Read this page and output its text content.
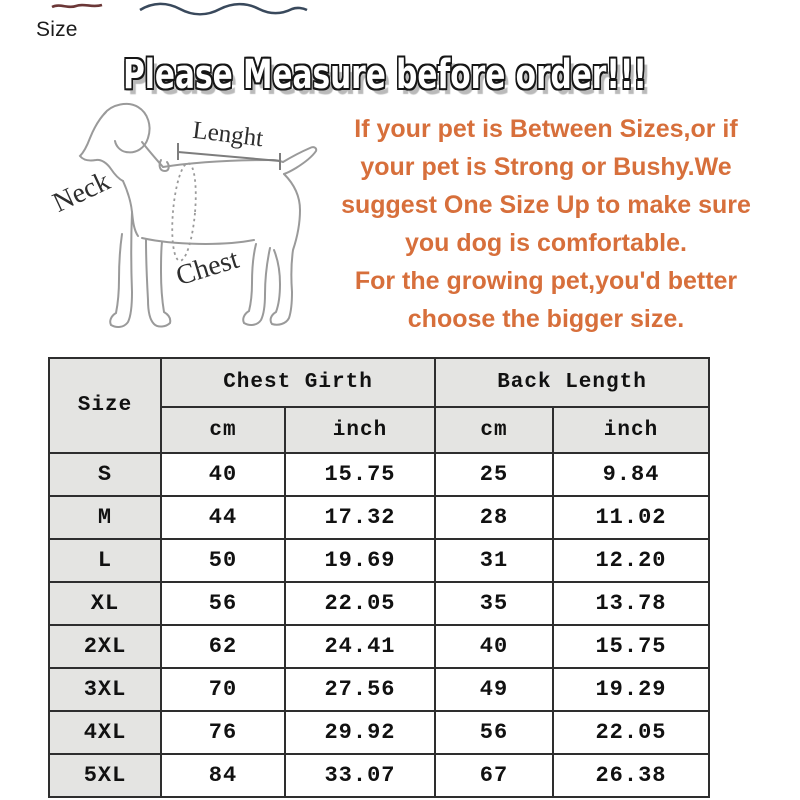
Size
Please Measure before order!!!
Lenght
Neck
Chest
If your pet is Between Sizes,or if
your pet is Strong or Bushy.We
suggest One Size Up to make sure
you dog is comfortable.
For the growing pet,you'd better
choose the bigger size.
Size	Chest Girth		Back Length	
	cm	inch	cm	inch
S	40	15.75	25	9.84
M	44	17.32	28	11.02
L	50	19.69	31	12.20
XL	56	22.05	35	13.78
2XL	62	24.41	40	15.75
3XL	70	27.56	49	19.29
4XL	76	29.92	56	22.05
5XL	84	33.07	67	26.38
